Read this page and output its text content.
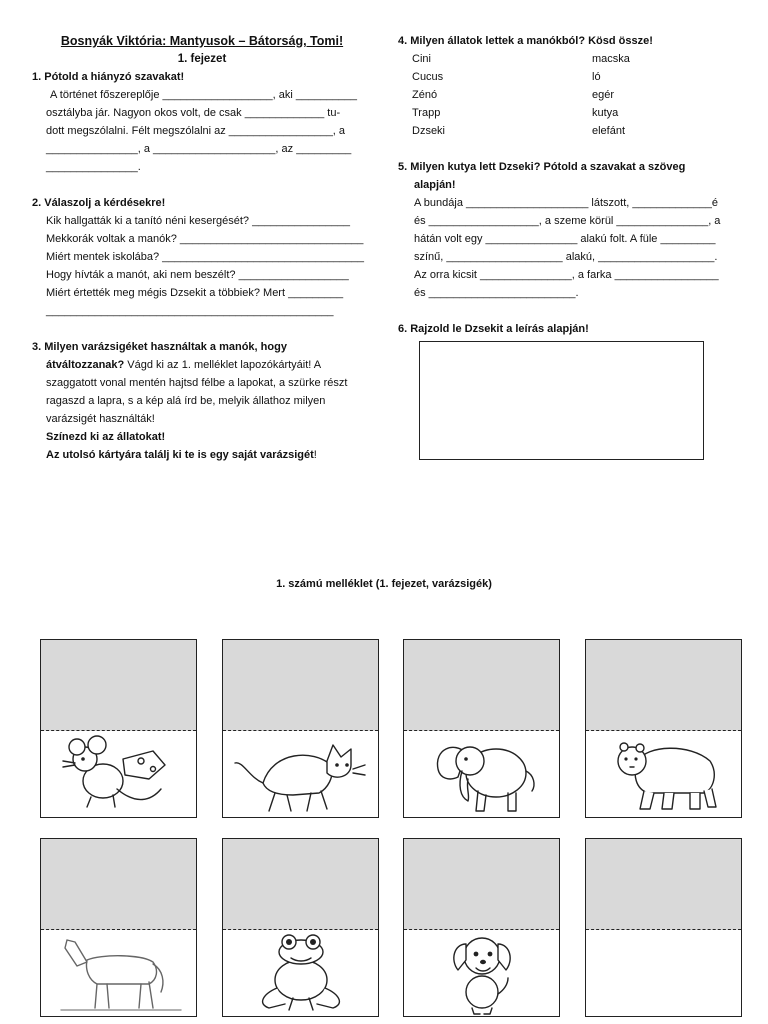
Bosnyák Viktória: Mantyusok – Bátorság, Tomi!
1. fejezet
1. Pótold a hiányzó szavakat!
A történet főszereplője __________________, aki __________
osztályba jár. Nagyon okos volt, de csak _____________ tu-
dott megszólalni. Félt megszólalni az _________________, a
_______________, a ____________________, az _________
_______________.
2. Válaszolj a kérdésekre!
Kik hallgatták ki a tanító néni kesergését? ________________
Mekkorák voltak a manók? ______________________________
Miért mentek iskolába? _________________________________
Hogy hívták a manót, aki nem beszélt? __________________
Miért értették meg mégis Dzsekit a többiek? Mert _________
_______________________________________________
3. Milyen varázsigéket használtak a manók, hogy
átváltozzanak? Vágd ki az 1. melléklet lapozókártyáit! A
szaggatott vonal mentén hajtsd félbe a lapokat, a szürke részt
ragaszd a lapra, s a kép alá írd be, melyik állathoz milyen
varázsigét használták!
Színezd ki az állatokat!
Az utolsó kártyára találj ki te is egy saját varázsigét!
4. Milyen állatok lettek a manókból? Kösd össze!
Cini	macska
Cucus	ló
Zénó	egér
Trapp	kutya
Dzseki	elefánt
5. Milyen kutya lett Dzseki? Pótold a szavakat a szöveg
alapján!
A bundája ____________________ látszott, _____________é
és __________________, a szeme körül _______________, a
hátán volt egy _______________ alakú folt. A füle _________
színű, ___________________ alakú, ___________________.
Az orra kicsit _______________, a farka _________________
és ________________________.
6. Rajzold le Dzsekit a leírás alapján!
1. számú melléklet (1. fejezet, varázsigék)
